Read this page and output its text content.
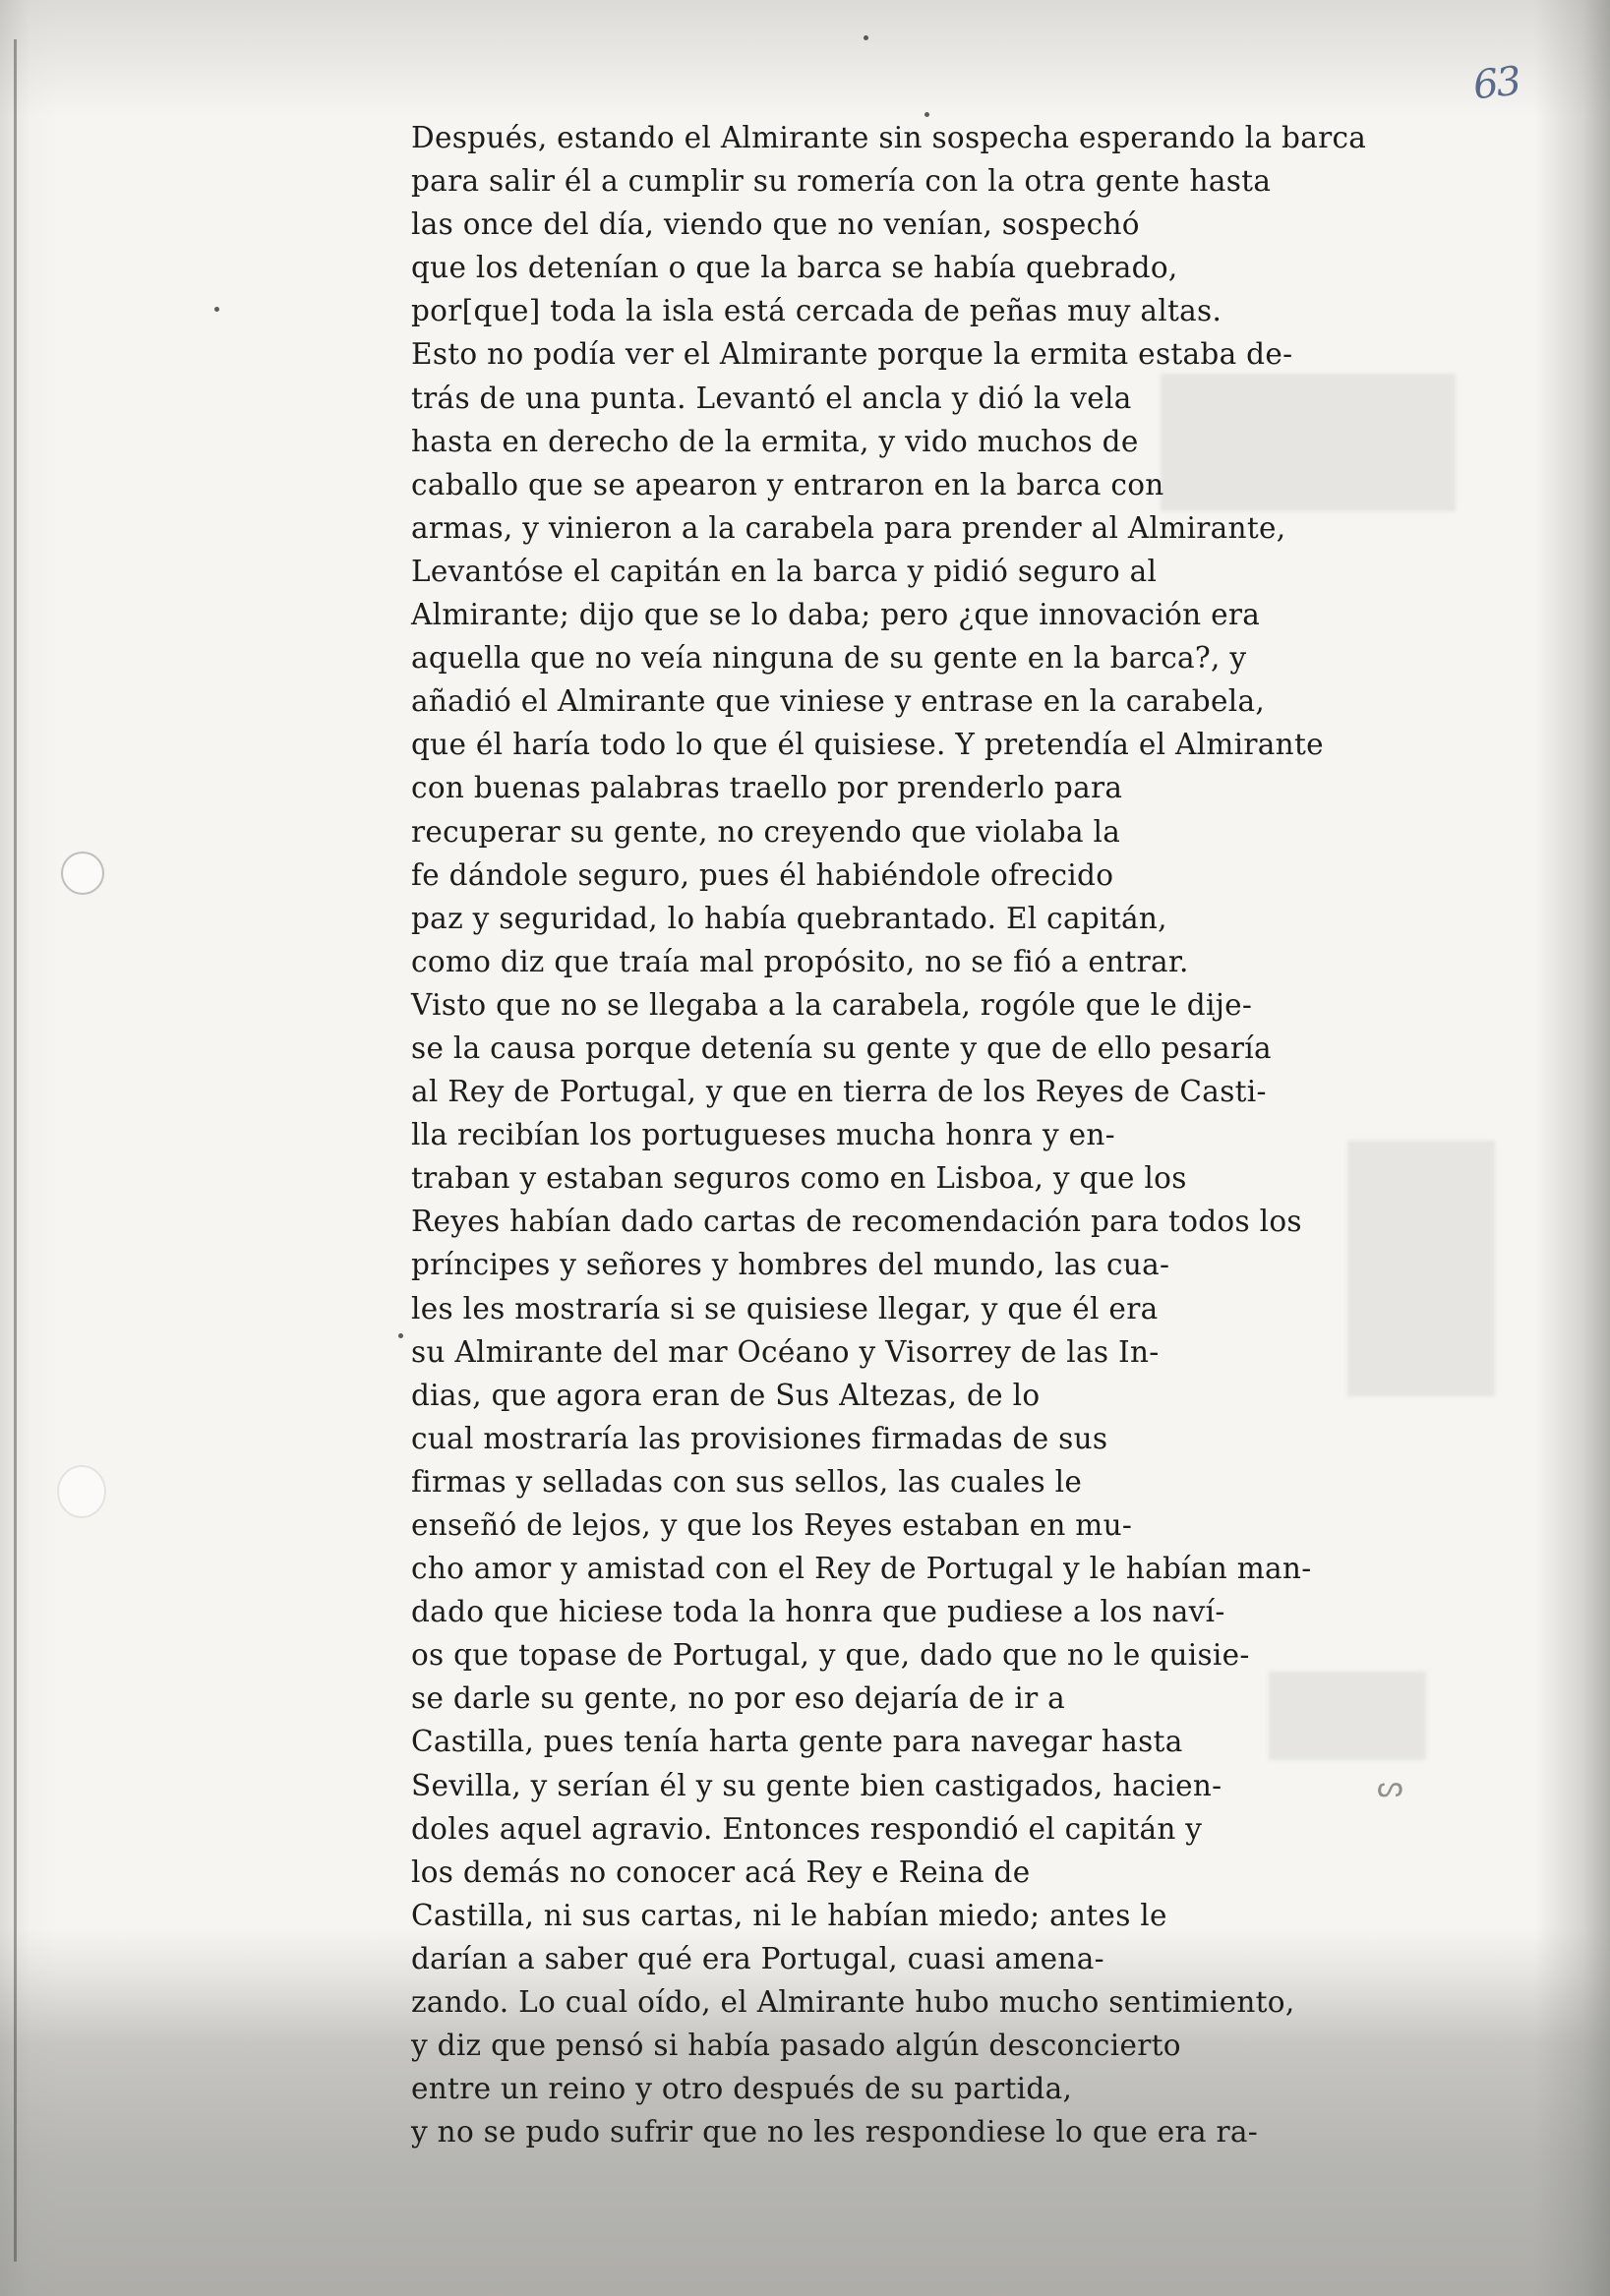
63
ᔕ
Después, estando el Almirante sin sospecha esperando la barca
para salir él a cumplir su romería con la otra gente hasta
las once del día, viendo que no venían, sospechó
que los detenían o que la barca se había quebrado,
por[que] toda la isla está cercada de peñas muy altas.
Esto no podía ver el Almirante porque la ermita estaba de-
trás de una punta. Levantó el ancla y dió la vela
hasta en derecho de la ermita, y vido muchos de
caballo que se apearon y entraron en la barca con
armas, y vinieron a la carabela para prender al Almirante,
Levantóse el capitán en la barca y pidió seguro al
Almirante; dijo que se lo daba; pero ¿que innovación era
aquella que no veía ninguna de su gente en la barca?, y
añadió el Almirante que viniese y entrase en la carabela,
que él haría todo lo que él quisiese. Y pretendía el Almirante
con buenas palabras traello por prenderlo para
recuperar su gente, no creyendo que violaba la
fe dándole seguro, pues él habiéndole ofrecido
paz y seguridad, lo había quebrantado. El capitán,
como diz que traía mal propósito, no se fió a entrar.
Visto que no se llegaba a la carabela, rogóle que le dije-
se la causa porque detenía su gente y que de ello pesaría
al Rey de Portugal, y que en tierra de los Reyes de Casti-
lla recibían los portugueses mucha honra y en-
traban y estaban seguros como en Lisboa, y que los
Reyes habían dado cartas de recomendación para todos los
príncipes y señores y hombres del mundo, las cua-
les les mostraría si se quisiese llegar, y que él era
su Almirante del mar Océano y Visorrey de las In-
dias, que agora eran de Sus Altezas, de lo
cual mostraría las provisiones firmadas de sus
firmas y selladas con sus sellos, las cuales le
enseñó de lejos, y que los Reyes estaban en mu-
cho amor y amistad con el Rey de Portugal y le habían man-
dado que hiciese toda la honra que pudiese a los naví-
os que topase de Portugal, y que, dado que no le quisie-
se darle su gente, no por eso dejaría de ir a
Castilla, pues tenía harta gente para navegar hasta
Sevilla, y serían él y su gente bien castigados, hacien-
doles aquel agravio. Entonces respondió el capitán y
los demás no conocer acá Rey e Reina de
Castilla, ni sus cartas, ni le habían miedo; antes le
darían a saber qué era Portugal, cuasi amena-
zando. Lo cual oído, el Almirante hubo mucho sentimiento,
y diz que pensó si había pasado algún desconcierto
entre un reino y otro después de su partida,
y no se pudo sufrir que no les respondiese lo que era ra-
